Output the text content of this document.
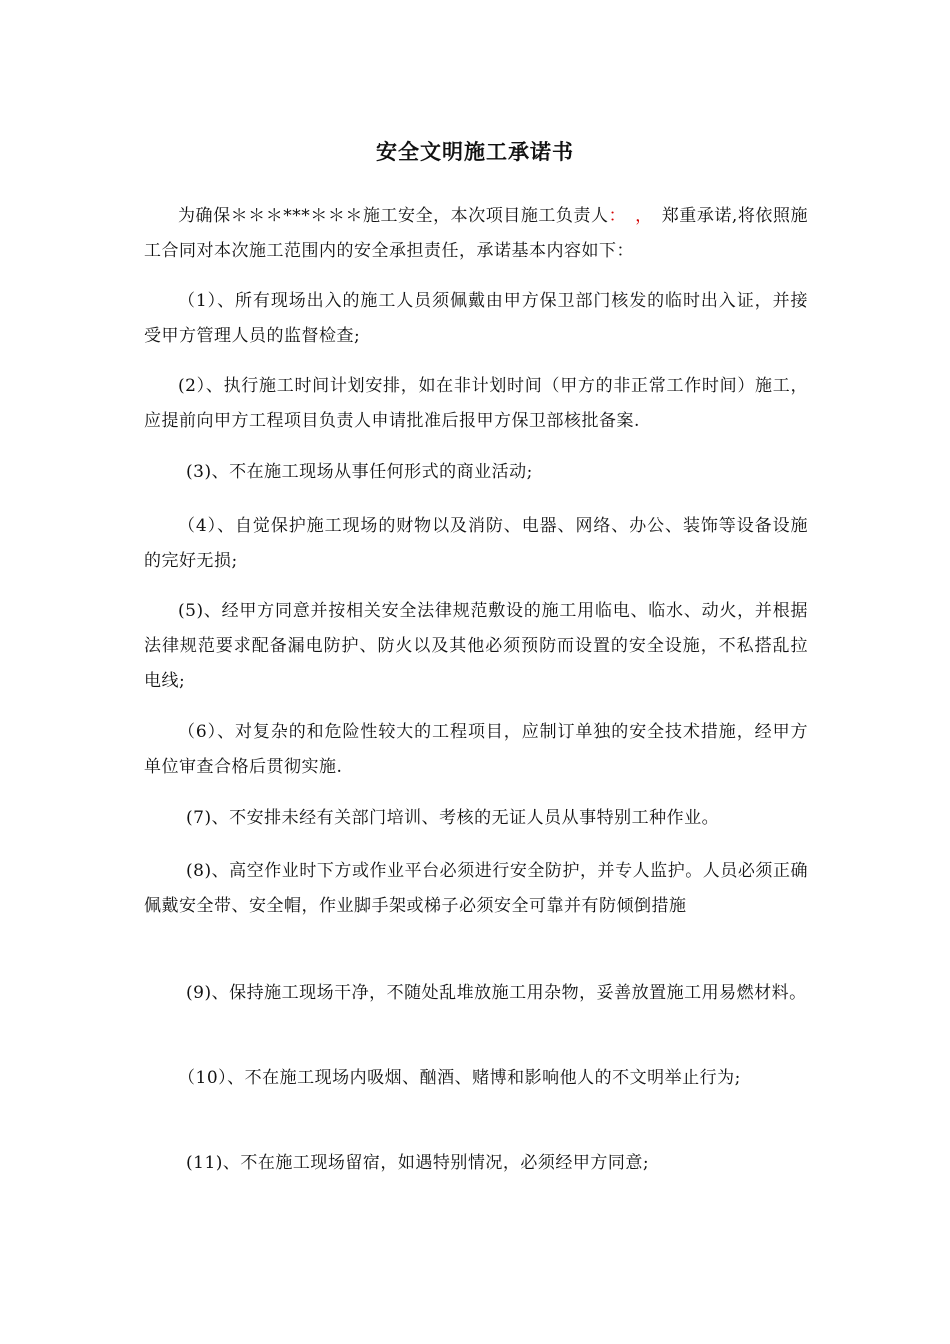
安全文明施工承诺书
为确保＊＊＊***＊＊＊施工安全，本次项目施工负责人：　，　郑重承诺,将依照施工合同对本次施工范围内的安全承担责任，承诺基本内容如下：
（1）、所有现场出入的施工人员须佩戴由甲方保卫部门核发的临时出入证，并接受甲方管理人员的监督检查;
(2）、执行施工时间计划安排，如在非计划时间（甲方的非正常工作时间）施工，应提前向甲方工程项目负责人申请批准后报甲方保卫部核批备案.
(3)、不在施工现场从事任何形式的商业活动;
（4）、自觉保护施工现场的财物以及消防、电器、网络、办公、装饰等设备设施的完好无损;
(5)、经甲方同意并按相关安全法律规范敷设的施工用临电、临水、动火，并根据法律规范要求配备漏电防护、防火以及其他必须预防而设置的安全设施，不私搭乱拉电线;
（6）、对复杂的和危险性较大的工程项目，应制订单独的安全技术措施，经甲方单位审查合格后贯彻实施.
(7)、不安排未经有关部门培训、考核的无证人员从事特别工种作业。
(8)、高空作业时下方或作业平台必须进行安全防护，并专人监护。人员必须正确佩戴安全带、安全帽，作业脚手架或梯子必须安全可靠并有防倾倒措施
(9)、保持施工现场干净，不随处乱堆放施工用杂物，妥善放置施工用易燃材料。
（10）、不在施工现场内吸烟、酗酒、赌博和影响他人的不文明举止行为;
(11)、不在施工现场留宿，如遇特别情况，必须经甲方同意;
